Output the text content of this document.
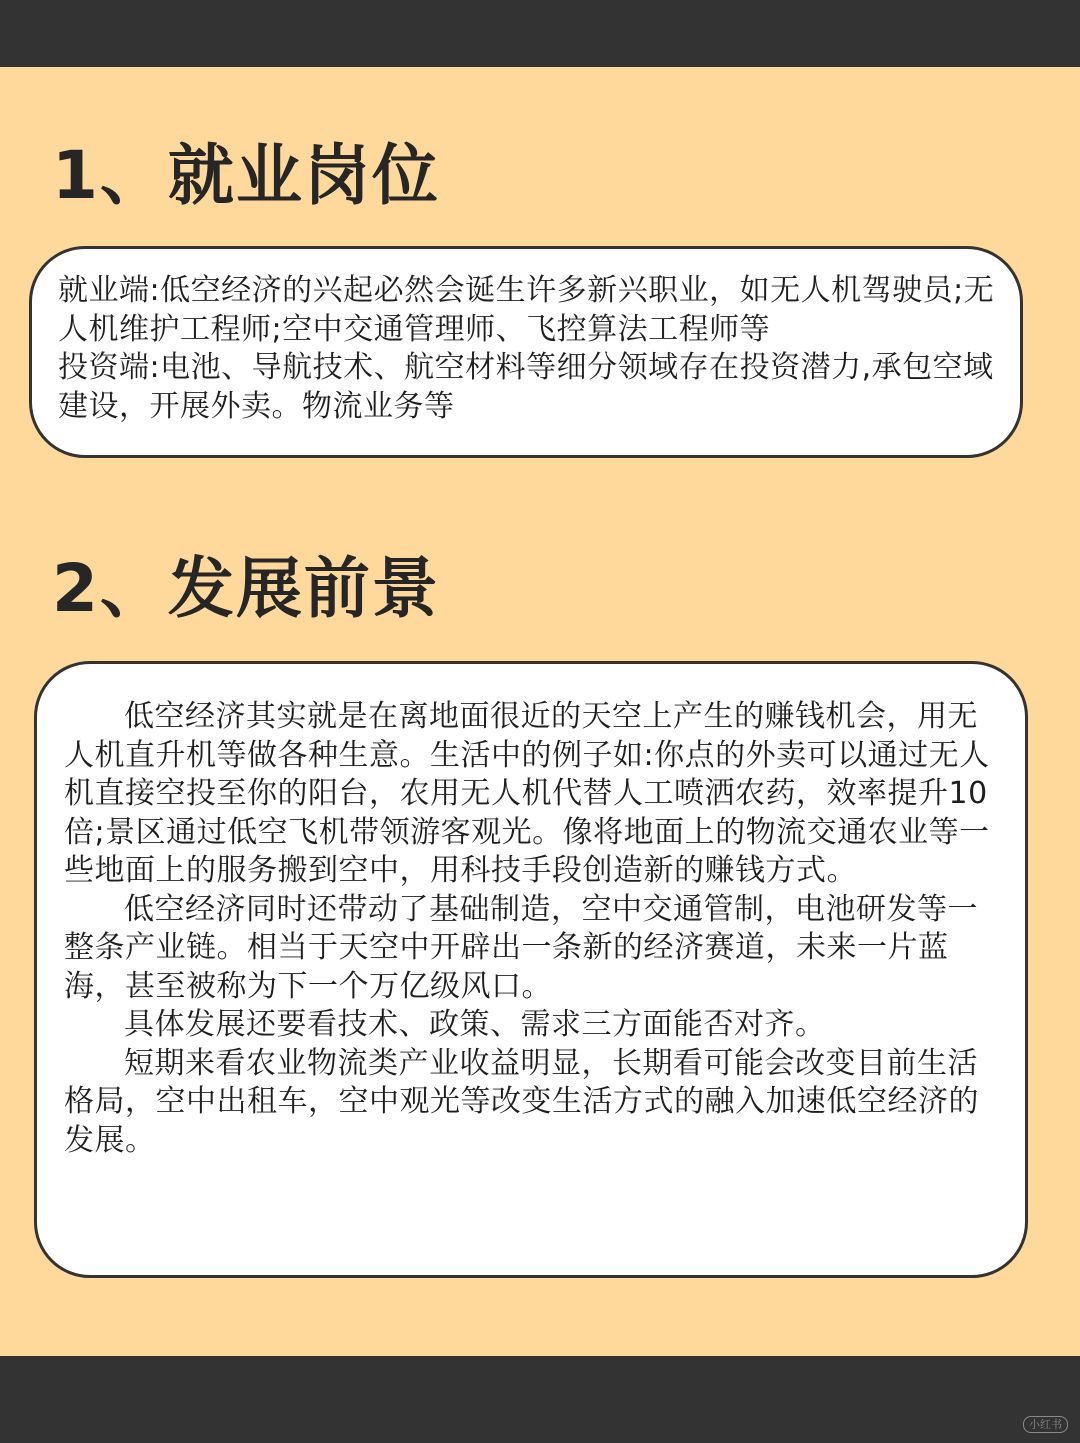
1、就业岗位

就业端:低空经济的兴起必然会诞生许多新兴职业，如无人机驾驶员;无人机维护工程师;空中交通管理师、飞控算法工程师等

投资端:电池、导航技术、航空材料等细分领域存在投资潜力,承包空域建设，开展外卖。物流业务等

2、发展前景

低空经济其实就是在离地面很近的天空上产生的赚钱机会，用无人机直升机等做各种生意。生活中的例子如:你点的外卖可以通过无人机直接空投至你的阳台，农用无人机代替人工喷洒农药，效率提升10倍;景区通过低空飞机带领游客观光。像将地面上的物流交通农业等一些地面上的服务搬到空中，用科技手段创造新的赚钱方式。

低空经济同时还带动了基础制造，空中交通管制，电池研发等一整条产业链。相当于天空中开辟出一条新的经济赛道，未来一片蓝海，甚至被称为下一个万亿级风口。

具体发展还要看技术、政策、需求三方面能否对齐。

短期来看农业物流类产业收益明显，长期看可能会改变目前生活格局，空中出租车，空中观光等改变生活方式的融入加速低空经济的发展。

小红书
